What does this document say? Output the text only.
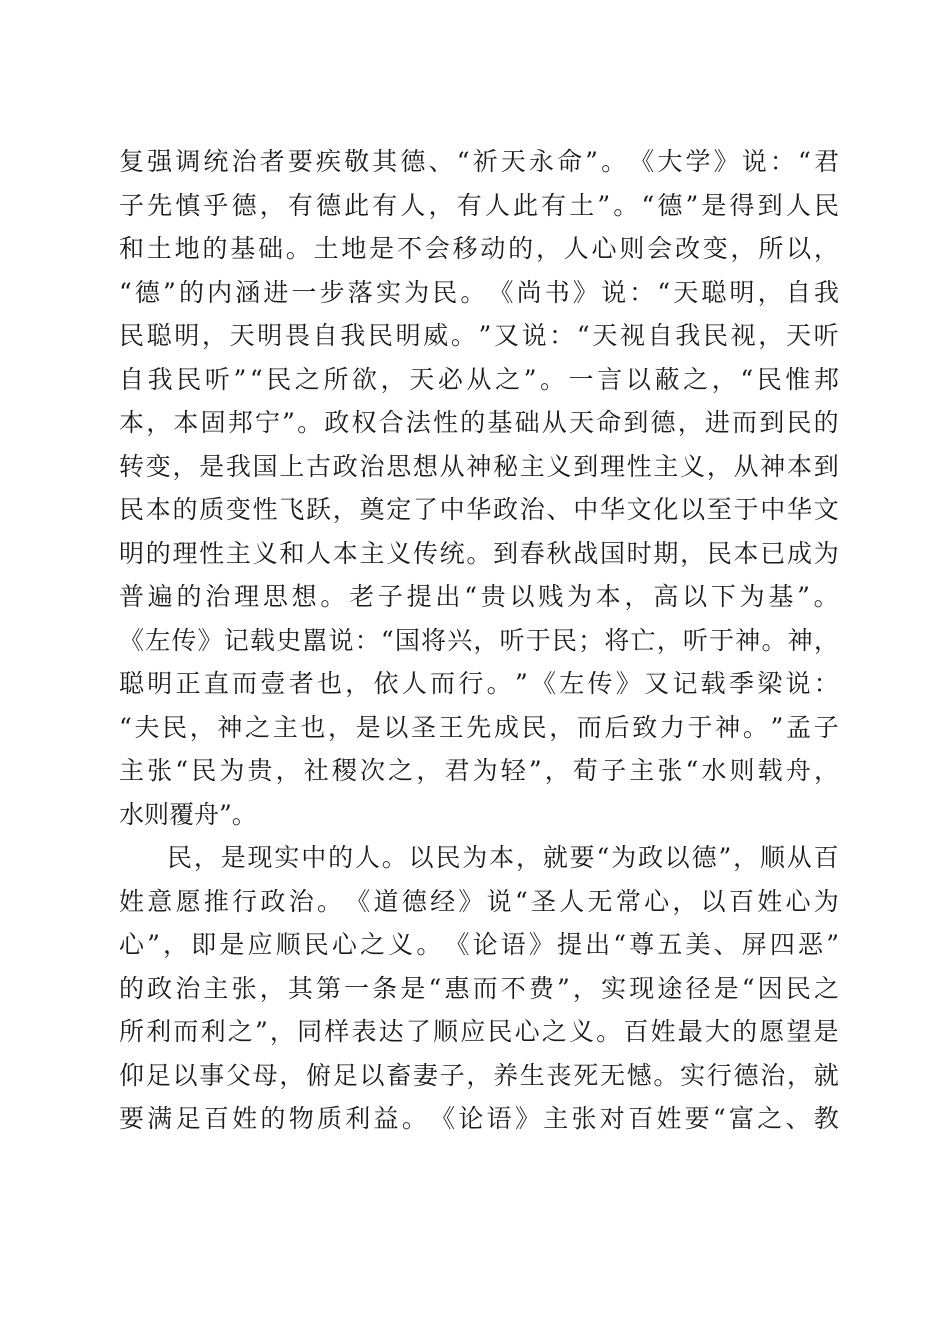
复 强 调 统 治 者 要 疾 敬 其 德 、 “ 祈 天 永 命 ” 。 《 大 学 》 说 ： “ 君
子 先 慎 乎 德 ， 有 德 此 有 人 ， 有 人 此 有 土 ” 。 “ 德 ” 是 得 到 人 民
和 土 地 的 基 础 。 土 地 是 不 会 移 动 的 ， 人 心 则 会 改 变 ， 所 以 ，
“ 德 ” 的 内 涵 进 一 步 落 实 为 民 。 《 尚 书 》 说 ： “ 天 聪 明 ， 自 我
民 聪 明 ， 天 明 畏 自 我 民 明 威 。 ” 又 说 ： “ 天 视 自 我 民 视 ， 天 听
自 我 民 听 ” “ 民 之 所 欲 ， 天 必 从 之 ” 。 一 言 以 蔽 之 ， “ 民 惟 邦
本 ， 本 固 邦 宁 ” 。 政 权 合 法 性 的 基 础 从 天 命 到 德 ， 进 而 到 民 的
转 变 ， 是 我 国 上 古 政 治 思 想 从 神 秘 主 义 到 理 性 主 义 ， 从 神 本 到
民 本 的 质 变 性 飞 跃 ， 奠 定 了 中 华 政 治 、 中 华 文 化 以 至 于 中 华 文
明 的 理 性 主 义 和 人 本 主 义 传 统 。 到 春 秋 战 国 时 期 ， 民 本 已 成 为
普 遍 的 治 理 思 想 。 老 子 提 出 “ 贵 以 贱 为 本 ， 高 以 下 为 基 ” 。
《 左 传 》 记 载 史 嚚 说 ： “ 国 将 兴 ， 听 于 民 ； 将 亡 ， 听 于 神 。 神 ，
聪 明 正 直 而 壹 者 也 ， 依 人 而 行 。 ” 《 左 传 》 又 记 载 季 梁 说 ：
“ 夫 民 ， 神 之 主 也 ， 是 以 圣 王 先 成 民 ， 而 后 致 力 于 神 。 ” 孟 子
主 张 “ 民 为 贵 ， 社 稷 次 之 ， 君 为 轻 ” ， 荀 子 主 张 “ 水 则 载 舟 ，
水则覆舟”。
民 ， 是 现 实 中 的 人 。 以 民 为 本 ， 就 要 “ 为 政 以 德 ” ， 顺 从 百
姓 意 愿 推 行 政 治 。 《 道 德 经 》 说 “ 圣 人 无 常 心 ， 以 百 姓 心 为
心 ” ， 即 是 应 顺 民 心 之 义 。 《 论 语 》 提 出 “ 尊 五 美 、 屏 四 恶 ”
的 政 治 主 张 ， 其 第 一 条 是 “ 惠 而 不 费 ” ， 实 现 途 径 是 “ 因 民 之
所 利 而 利 之 ” ， 同 样 表 达 了 顺 应 民 心 之 义 。 百 姓 最 大 的 愿 望 是
仰 足 以 事 父 母 ， 俯 足 以 畜 妻 子 ， 养 生 丧 死 无 憾 。 实 行 德 治 ， 就
要 满 足 百 姓 的 物 质 利 益 。 《 论 语 》 主 张 对 百 姓 要 “ 富 之 、 教
